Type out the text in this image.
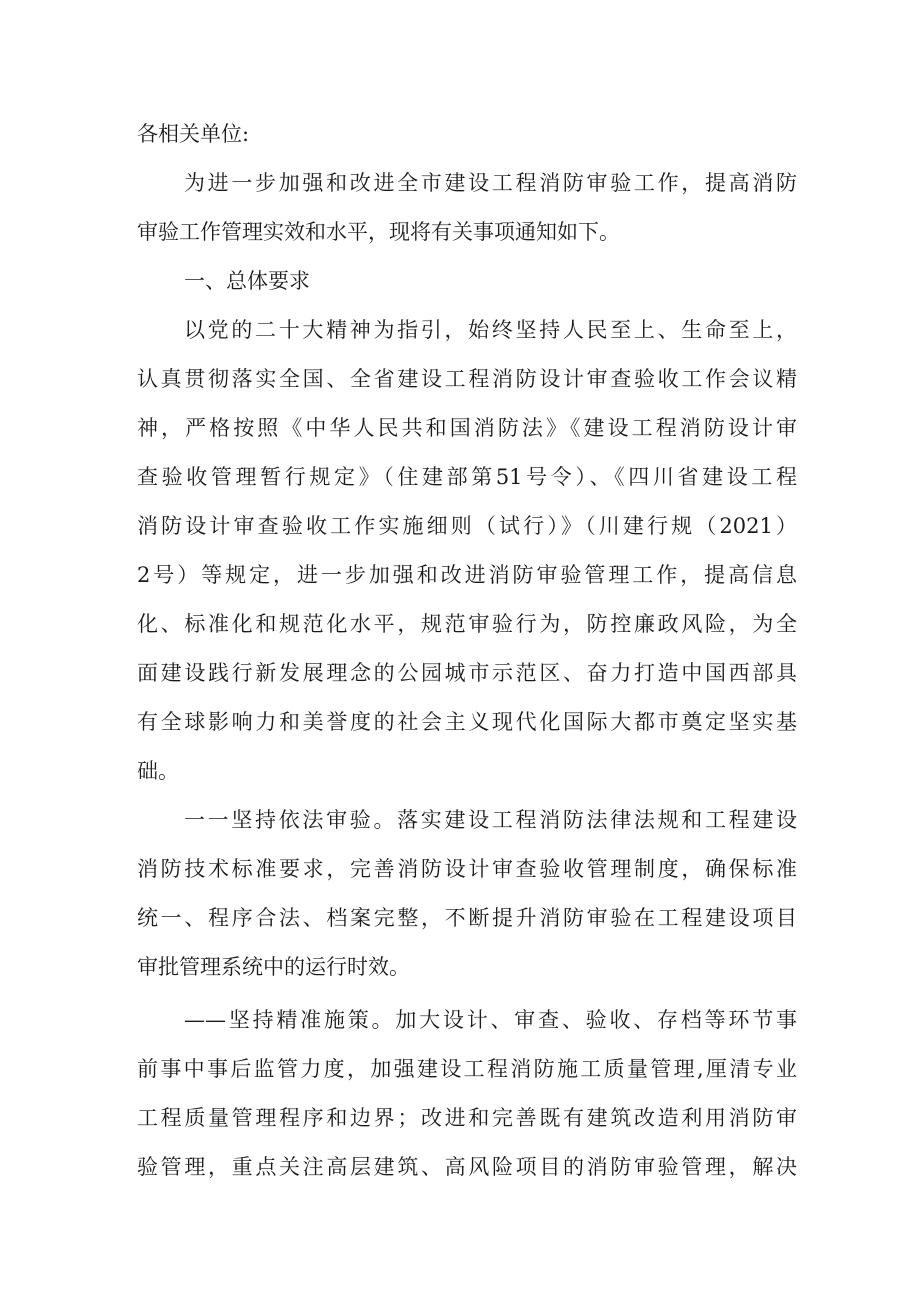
各相关单位:

为进一步加强和改进全市建设工程消防审验工作，提高消防

审验工作管理实效和水平，现将有关事项通知如下。

一、总体要求

以党的二十大精神为指引，始终坚持人民至上、生命至上，

认真贯彻落实全国、全省建设工程消防设计审查验收工作会议精

神，严格按照《中华人民共和国消防法》《建设工程消防设计审

查验收管理暂行规定》（住建部第51号令）、《四川省建设工程

消防设计审查验收工作实施细则（试行）》（川建行规（2021）

2号）等规定，进一步加强和改进消防审验管理工作，提高信息

化、标准化和规范化水平，规范审验行为，防控廉政风险，为全

面建设践行新发展理念的公园城市示范区、奋力打造中国西部具

有全球影响力和美誉度的社会主义现代化国际大都市奠定坚实基

础。

一一坚持依法审验。落实建设工程消防法律法规和工程建设

消防技术标准要求，完善消防设计审查验收管理制度，确保标准

统一、程序合法、档案完整，不断提升消防审验在工程建设项目

审批管理系统中的运行时效。

——坚持精准施策。加大设计、审查、验收、存档等环节事

前事中事后监管力度，加强建设工程消防施工质量管理,厘清专业

工程质量管理程序和边界；改进和完善既有建筑改造利用消防审

验管理，重点关注高层建筑、高风险项目的消防审验管理，解决
